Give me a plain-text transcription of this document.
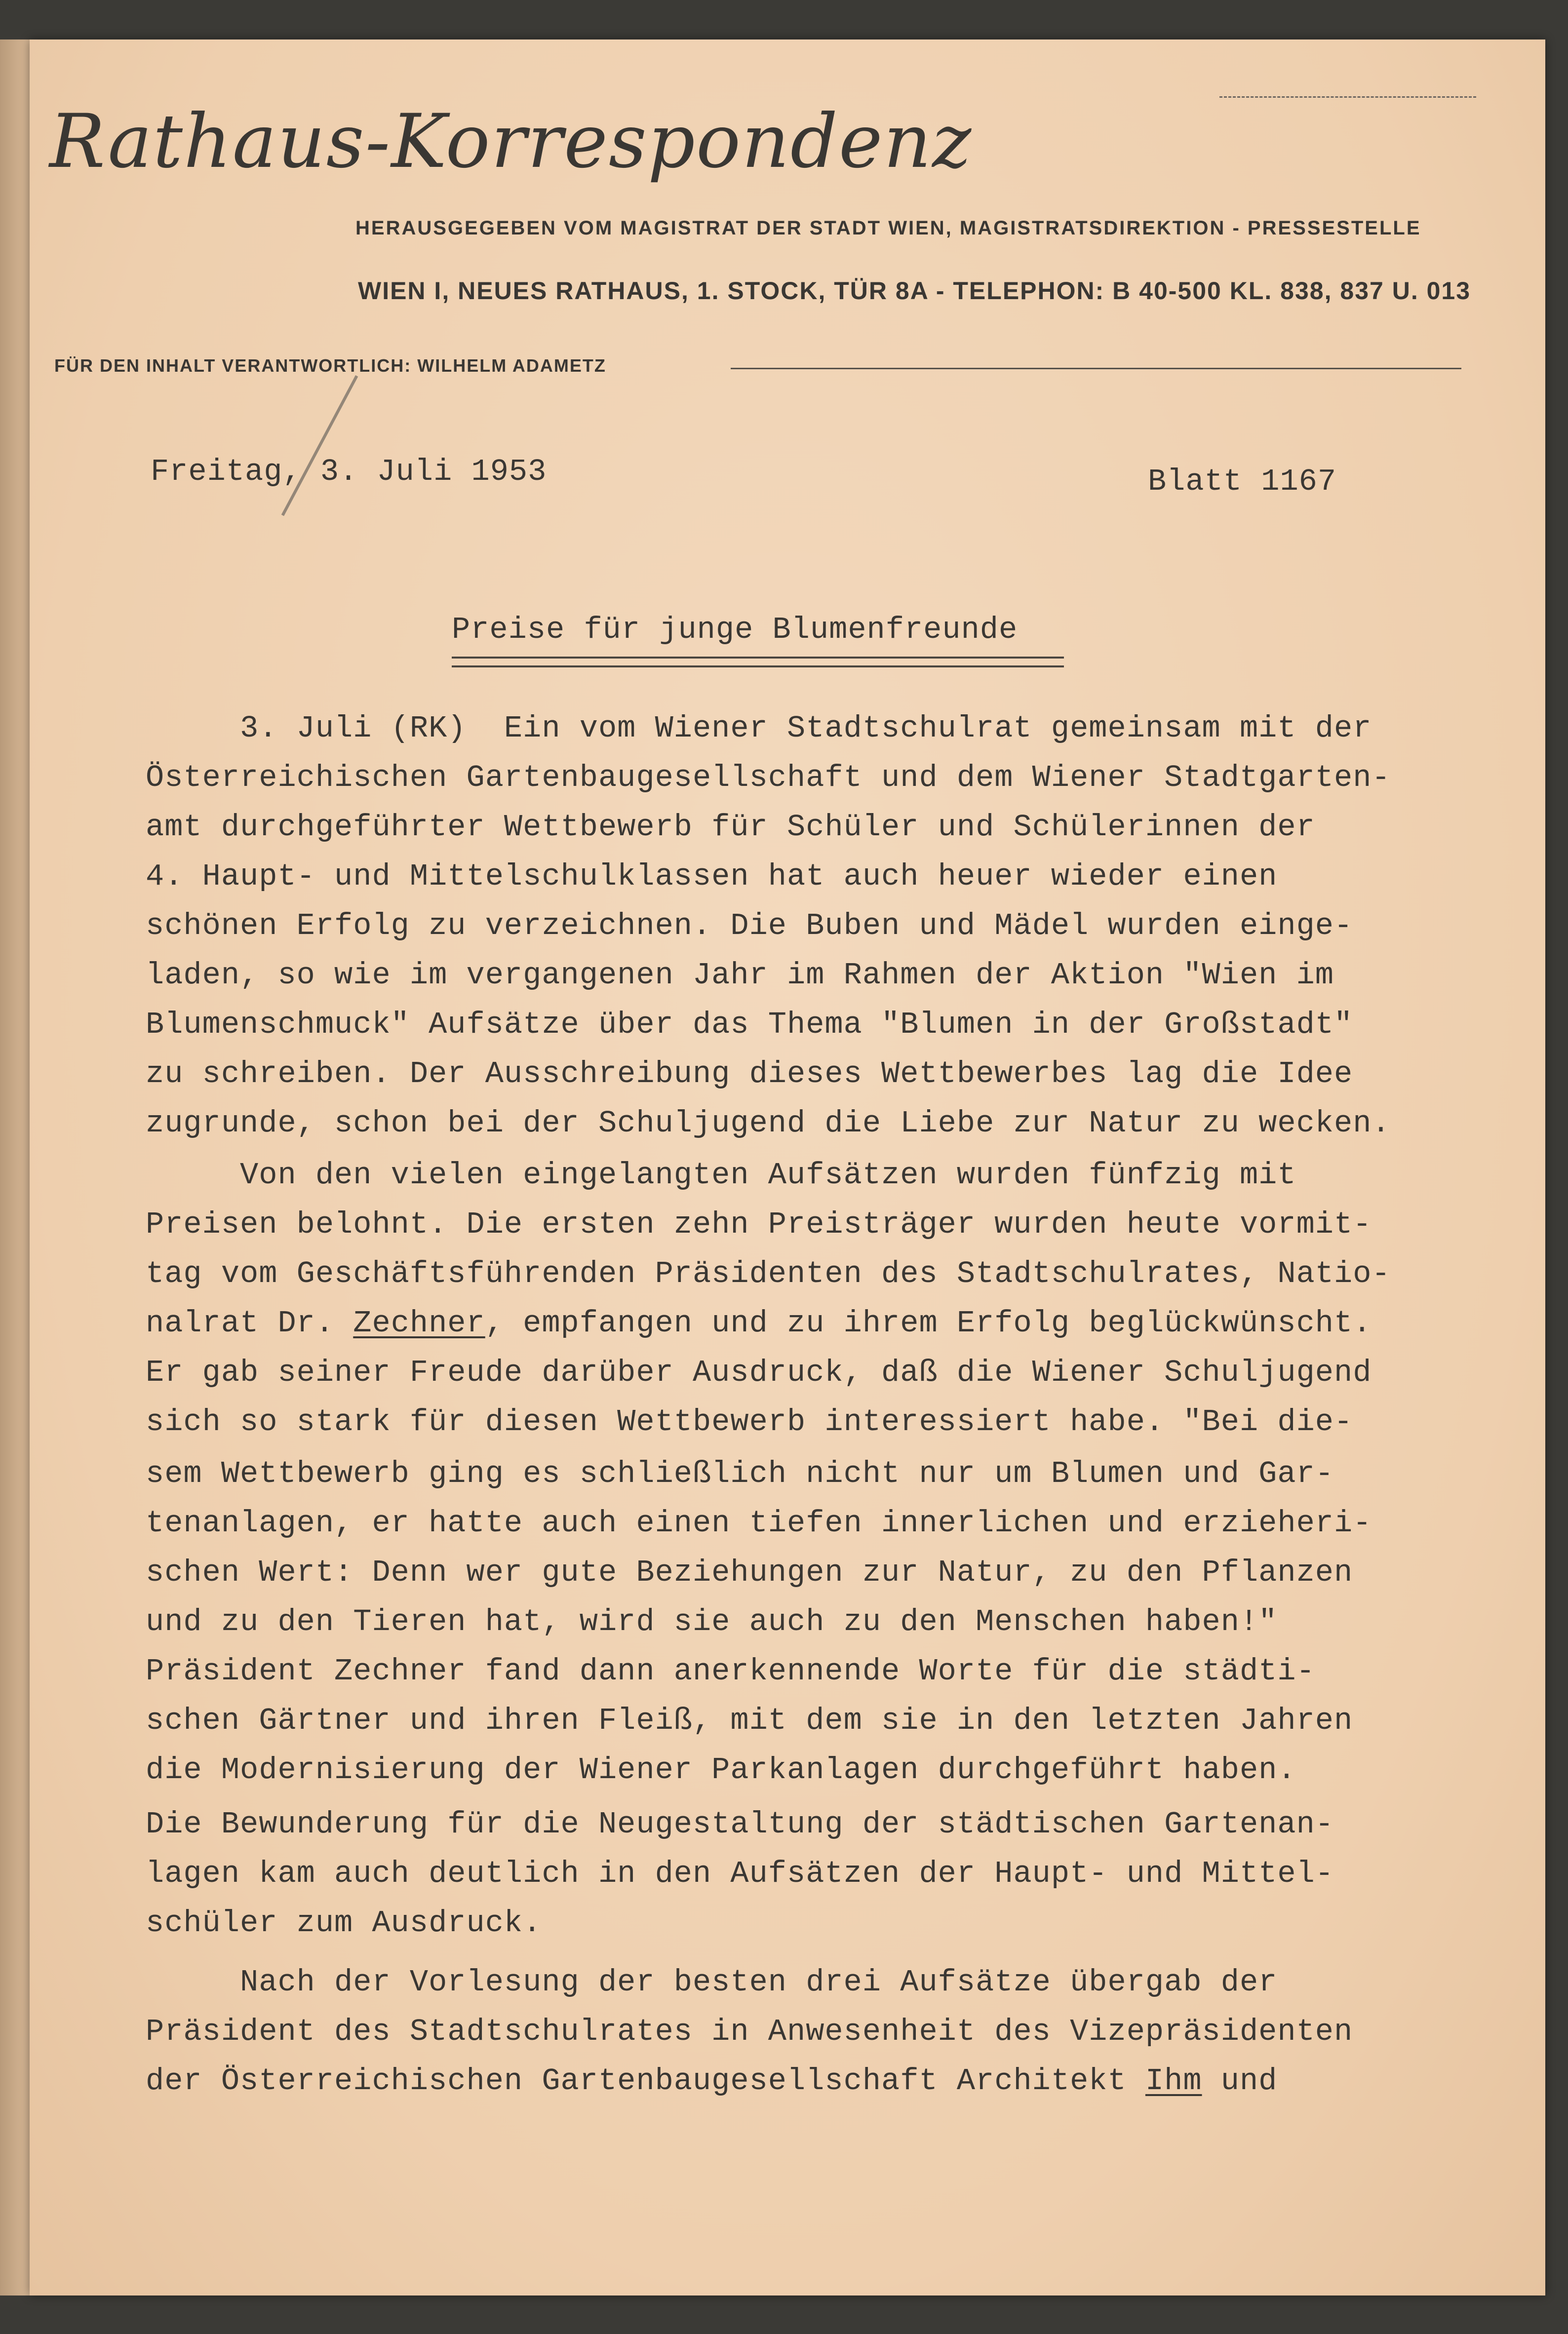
Rathaus-Korrespondenz
HERAUSGEGEBEN VOM MAGISTRAT DER STADT WIEN, MAGISTRATSDIREKTION - PRESSESTELLE
WIEN I, NEUES RATHAUS, 1. STOCK, TÜR 8A - TELEPHON: B 40-500 KL. 838, 837 U. 013
FÜR DEN INHALT VERANTWORTLICH: WILHELM ADAMETZ
Freitag, 3. Juli 1953	Blatt 1167
Preise für junge Blumenfreunde
3. Juli (RK)  Ein vom Wiener Stadtschulrat gemeinsam mit der
Österreichischen Gartenbaugesellschaft und dem Wiener Stadtgarten-
amt durchgeführter Wettbewerb für Schüler und Schülerinnen der
4. Haupt- und Mittelschulklassen hat auch heuer wieder einen
schönen Erfolg zu verzeichnen. Die Buben und Mädel wurden einge-
laden, so wie im vergangenen Jahr im Rahmen der Aktion "Wien im
Blumenschmuck" Aufsätze über das Thema "Blumen in der Großstadt"
zu schreiben. Der Ausschreibung dieses Wettbewerbes lag die Idee
zugrunde, schon bei der Schuljugend die Liebe zur Natur zu wecken.
Von den vielen eingelangten Aufsätzen wurden fünfzig mit
Preisen belohnt. Die ersten zehn Preisträger wurden heute vormit-
tag vom Geschäftsführenden Präsidenten des Stadtschulrates, Natio-
nalrat Dr. Zechner, empfangen und zu ihrem Erfolg beglückwünscht.
Er gab seiner Freude darüber Ausdruck, daß die Wiener Schuljugend
sich so stark für diesen Wettbewerb interessiert habe. "Bei die-
sem Wettbewerb ging es schließlich nicht nur um Blumen und Gar-
tenanlagen, er hatte auch einen tiefen innerlichen und erzieheri-
schen Wert: Denn wer gute Beziehungen zur Natur, zu den Pflanzen
und zu den Tieren hat, wird sie auch zu den Menschen haben!"
Präsident Zechner fand dann anerkennende Worte für die städti-
schen Gärtner und ihren Fleiß, mit dem sie in den letzten Jahren
die Modernisierung der Wiener Parkanlagen durchgeführt haben.
Die Bewunderung für die Neugestaltung der städtischen Gartenan-
lagen kam auch deutlich in den Aufsätzen der Haupt- und Mittel-
schüler zum Ausdruck.
Nach der Vorlesung der besten drei Aufsätze übergab der
Präsident des Stadtschulrates in Anwesenheit des Vizepräsidenten
der Österreichischen Gartenbaugesellschaft Architekt Ihm und
